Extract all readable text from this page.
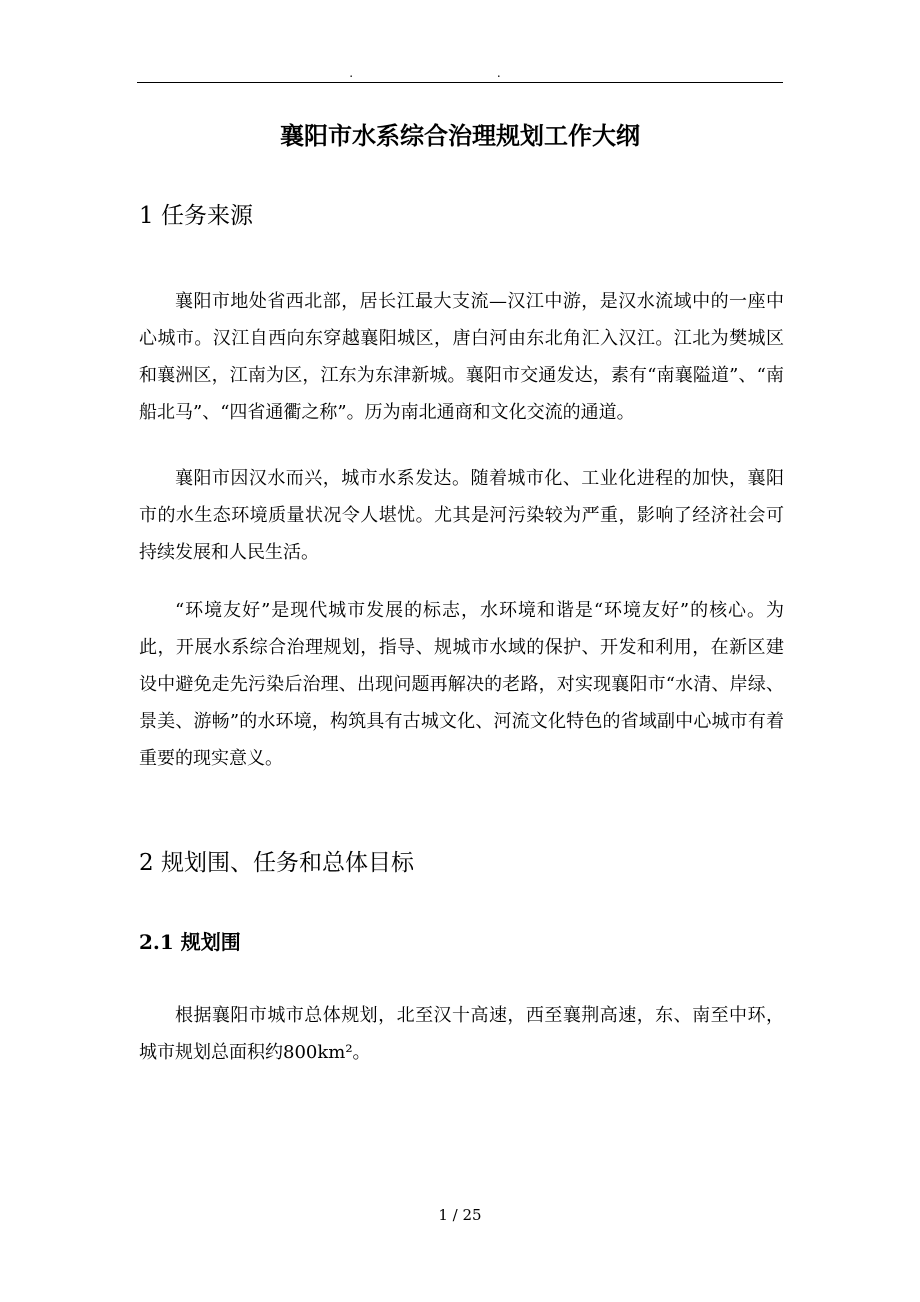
. .
襄阳市水系综合治理规划工作大纲
1 任务来源

襄阳市地处省西北部，居长江最大支流—汉江中游，是汉水流域中的一座中心城市。汉江自西向东穿越襄阳城区，唐白河由东北角汇入汉江。江北为樊城区和襄洲区，江南为区，江东为东津新城。襄阳市交通发达，素有“南襄隘道”、“南船北马”、“四省通衢之称”。历为南北通商和文化交流的通道。

襄阳市因汉水而兴，城市水系发达。随着城市化、工业化进程的加快，襄阳市的水生态环境质量状况令人堪忧。尤其是河污染较为严重，影响了经济社会可持续发展和人民生活。

“环境友好”是现代城市发展的标志，水环境和谐是“环境友好”的核心。为此，开展水系综合治理规划，指导、规城市水域的保护、开发和利用，在新区建设中避免走先污染后治理、出现问题再解决的老路，对实现襄阳市“水清、岸绿、景美、游畅”的水环境，构筑具有古城文化、河流文化特色的省域副中心城市有着重要的现实意义。

2 规划围、任务和总体目标
2.1 规划围

根据襄阳市城市总体规划，北至汉十高速，西至襄荆高速，东、南至中环，城市规划总面积约800km²。

1 / 25
